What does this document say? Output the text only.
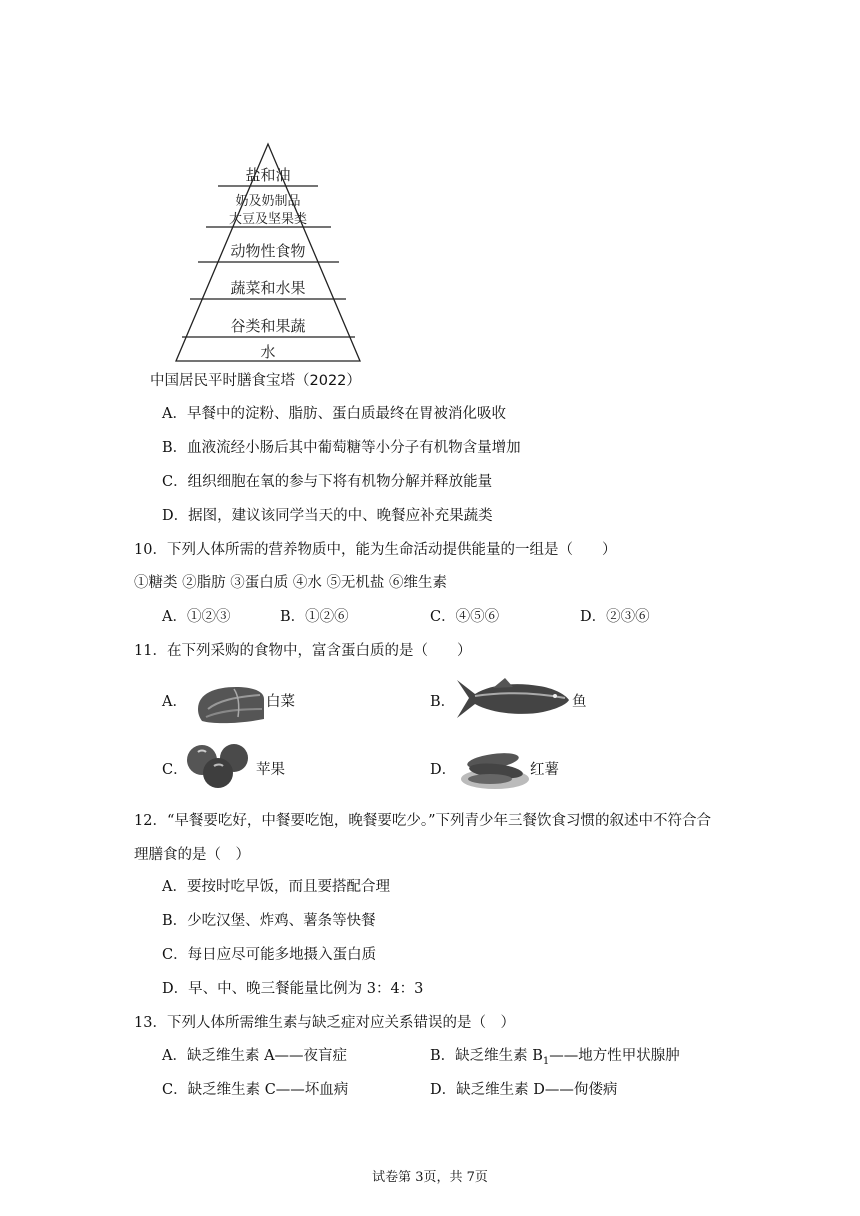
盐和油
奶及奶制品
大豆及坚果类
动物性食物
蔬菜和水果
谷类和果蔬
水
中国居民平时膳食宝塔（2022）
A．早餐中的淀粉、脂肪、蛋白质最终在胃被消化吸收
B．血液流经小肠后其中葡萄糖等小分子有机物含量增加
C．组织细胞在氧的参与下将有机物分解并释放能量
D．据图，建议该同学当天的中、晚餐应补充果蔬类
10．下列人体所需的营养物质中，能为生命活动提供能量的一组是（　　）
①糖类 ②脂肪 ③蛋白质 ④水 ⑤无机盐 ⑥维生素
A．①②③	B．①②⑥	C．④⑤⑥	D．②③⑥
11．在下列采购的食物中，富含蛋白质的是（　　）
A．	白菜	B．	鱼
C．	苹果	D．	红薯
12．“早餐要吃好，中餐要吃饱，晚餐要吃少。”下列青少年三餐饮食习惯的叙述中不符合合
理膳食的是（　）
A．要按时吃早饭，而且要搭配合理
B．少吃汉堡、炸鸡、薯条等快餐
C．每日应尽可能多地摄入蛋白质
D．早、中、晚三餐能量比例为 3：4：3
13．下列人体所需维生素与缺乏症对应关系错误的是（　）
A．缺乏维生素 A——夜盲症	B．缺乏维生素 $B_1——$地方性甲状腺肿
C．缺乏维生素 C——坏血病	D．缺乏维生素 D——佝偻病
试卷第 3页，共 7页
